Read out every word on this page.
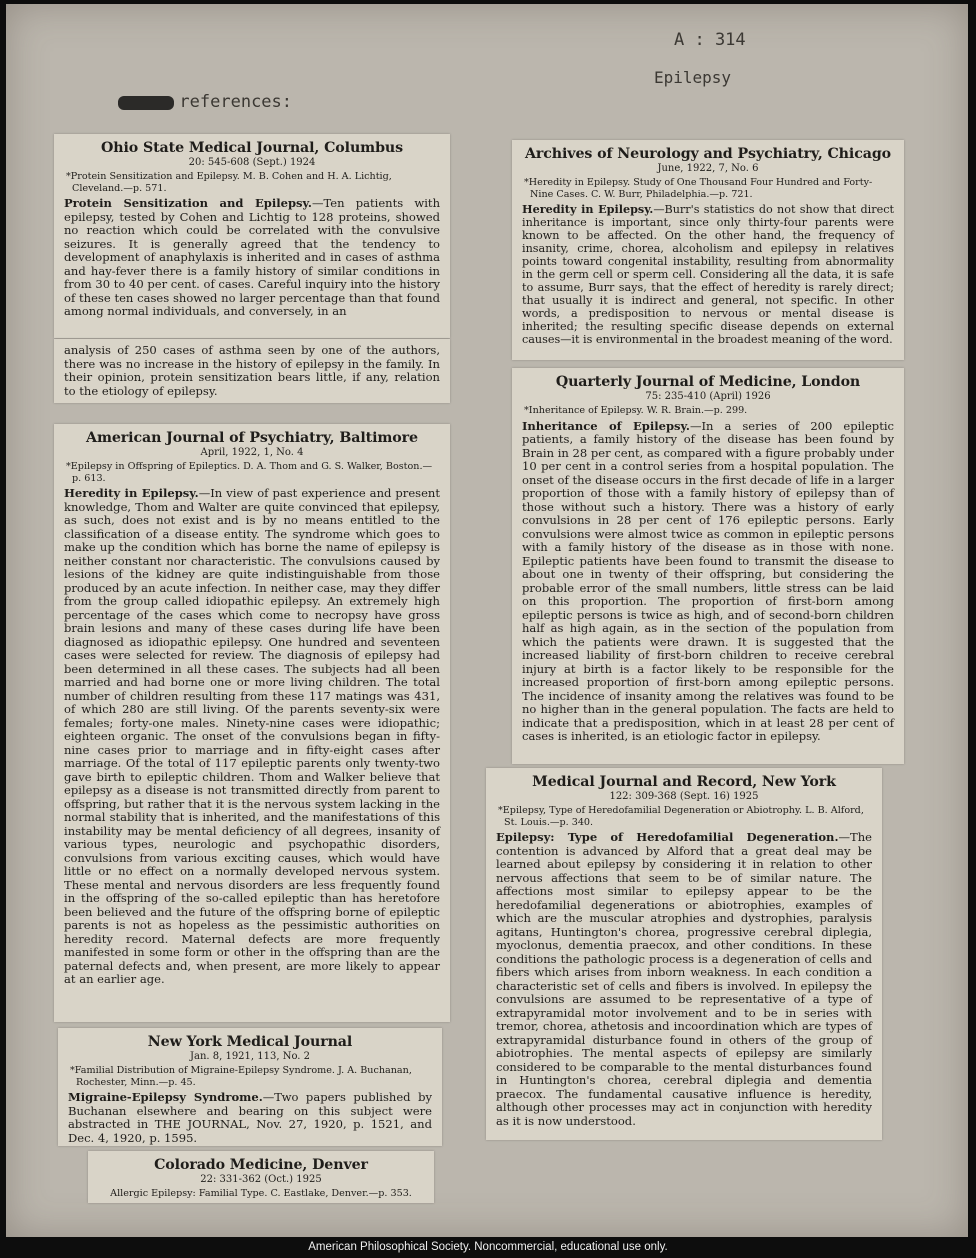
A : 314
Epilepsy
references:
Ohio State Medical Journal, Columbus
20: 545-608 (Sept.) 1924
*Protein Sensitization and Epilepsy. M. B. Cohen and H. A. Lichtig, Cleveland.—p. 571.

Protein Sensitization and Epilepsy.—Ten patients with epilepsy, tested by Cohen and Lichtig to 128 proteins, showed no reaction which could be correlated with the convulsive seizures. It is generally agreed that the tendency to development of anaphylaxis is inherited and in cases of asthma and hay-fever there is a family history of similar conditions in from 30 to 40 per cent. of cases. Careful inquiry into the history of these ten cases showed no larger percentage than that found among normal individuals, and conversely, in an

analysis of 250 cases of asthma seen by one of the authors, there was no increase in the history of epilepsy in the family. In their opinion, protein sensitization bears little, if any, relation to the etiology of epilepsy.

American Journal of Psychiatry, Baltimore
April, 1922, 1, No. 4
*Epilepsy in Offspring of Epileptics. D. A. Thom and G. S. Walker, Boston.—p. 613.

Heredity in Epilepsy.—In view of past experience and present knowledge, Thom and Walter are quite convinced that epilepsy, as such, does not exist and is by no means entitled to the classification of a disease entity. The syndrome which goes to make up the condition which has borne the name of epilepsy is neither constant nor characteristic. The convulsions caused by lesions of the kidney are quite indistinguishable from those produced by an acute infection. In neither case, may they differ from the group called idiopathic epilepsy. An extremely high percentage of the cases which come to necropsy have gross brain lesions and many of these cases during life have been diagnosed as idiopathic epilepsy. One hundred and seventeen cases were selected for review. The diagnosis of epilepsy had been determined in all these cases. The subjects had all been married and had borne one or more living children. The total number of children resulting from these 117 matings was 431, of which 280 are still living. Of the parents seventy-six were females; forty-one males. Ninety-nine cases were idiopathic; eighteen organic. The onset of the convulsions began in fifty-nine cases prior to marriage and in fifty-eight cases after marriage. Of the total of 117 epileptic parents only twenty-two gave birth to epileptic children. Thom and Walker believe that epilepsy as a disease is not transmitted directly from parent to offspring, but rather that it is the nervous system lacking in the normal stability that is inherited, and the manifestations of this instability may be mental deficiency of all degrees, insanity of various types, neurologic and psychopathic disorders, convulsions from various exciting causes, which would have little or no effect on a normally developed nervous system. These mental and nervous disorders are less frequently found in the offspring of the so-called epileptic than has heretofore been believed and the future of the offspring borne of epileptic parents is not as hopeless as the pessimistic authorities on heredity record. Maternal defects are more frequently manifested in some form or other in the offspring than are the paternal defects and, when present, are more likely to appear at an earlier age.

New York Medical Journal
Jan. 8, 1921, 113, No. 2
*Familial Distribution of Migraine-Epilepsy Syndrome. J. A. Buchanan, Rochester, Minn.—p. 45.

Migraine-Epilepsy Syndrome.—Two papers published by Buchanan elsewhere and bearing on this subject were abstracted in THE JOURNAL, Nov. 27, 1920, p. 1521, and Dec. 4, 1920, p. 1595.

Colorado Medicine, Denver
22: 331-362 (Oct.) 1925
Allergic Epilepsy: Familial Type. C. Eastlake, Denver.—p. 353.
Archives of Neurology and Psychiatry, Chicago
June, 1922, 7, No. 6
*Heredity in Epilepsy. Study of One Thousand Four Hundred and Forty-Nine Cases. C. W. Burr, Philadelphia.—p. 721.

Heredity in Epilepsy.—Burr's statistics do not show that direct inheritance is important, since only thirty-four parents were known to be affected. On the other hand, the frequency of insanity, crime, chorea, alcoholism and epilepsy in relatives points toward congenital instability, resulting from abnormality in the germ cell or sperm cell. Considering all the data, it is safe to assume, Burr says, that the effect of heredity is rarely direct; that usually it is indirect and general, not specific. In other words, a predisposition to nervous or mental disease is inherited; the resulting specific disease depends on external causes—it is environmental in the broadest meaning of the word.

Quarterly Journal of Medicine, London
75: 235-410 (April) 1926
*Inheritance of Epilepsy. W. R. Brain.—p. 299.

Inheritance of Epilepsy.—In a series of 200 epileptic patients, a family history of the disease has been found by Brain in 28 per cent, as compared with a figure probably under 10 per cent in a control series from a hospital population. The onset of the disease occurs in the first decade of life in a larger proportion of those with a family history of epilepsy than of those without such a history. There was a history of early convulsions in 28 per cent of 176 epileptic persons. Early convulsions were almost twice as common in epileptic persons with a family history of the disease as in those with none. Epileptic patients have been found to transmit the disease to about one in twenty of their offspring, but considering the probable error of the small numbers, little stress can be laid on this proportion. The proportion of first-born among epileptic persons is twice as high, and of second-born children half as high again, as in the section of the population from which the patients were drawn. It is suggested that the increased liability of first-born children to receive cerebral injury at birth is a factor likely to be responsible for the increased proportion of first-born among epileptic persons. The incidence of insanity among the relatives was found to be no higher than in the general population. The facts are held to indicate that a predisposition, which in at least 28 per cent of cases is inherited, is an etiologic factor in epilepsy.

Medical Journal and Record, New York
122: 309-368 (Sept. 16) 1925
*Epilepsy, Type of Heredofamilial Degeneration or Abiotrophy. L. B. Alford, St. Louis.—p. 340.

Epilepsy: Type of Heredofamilial Degeneration.—The contention is advanced by Alford that a great deal may be learned about epilepsy by considering it in relation to other nervous affections that seem to be of similar nature. The affections most similar to epilepsy appear to be the heredofamilial degenerations or abiotrophies, examples of which are the muscular atrophies and dystrophies, paralysis agitans, Huntington's chorea, progressive cerebral diplegia, myoclonus, dementia praecox, and other conditions. In these conditions the pathologic process is a degeneration of cells and fibers which arises from inborn weakness. In each condition a characteristic set of cells and fibers is involved. In epilepsy the convulsions are assumed to be representative of a type of extrapyramidal motor involvement and to be in series with tremor, chorea, athetosis and incoordination which are types of extrapyramidal disturbance found in others of the group of abiotrophies. The mental aspects of epilepsy are similarly considered to be comparable to the mental disturbances found in Huntington's chorea, cerebral diplegia and dementia praecox. The fundamental causative influence is heredity, although other processes may act in conjunction with heredity as it is now understood.

American Philosophical Society. Noncommercial, educational use only.
